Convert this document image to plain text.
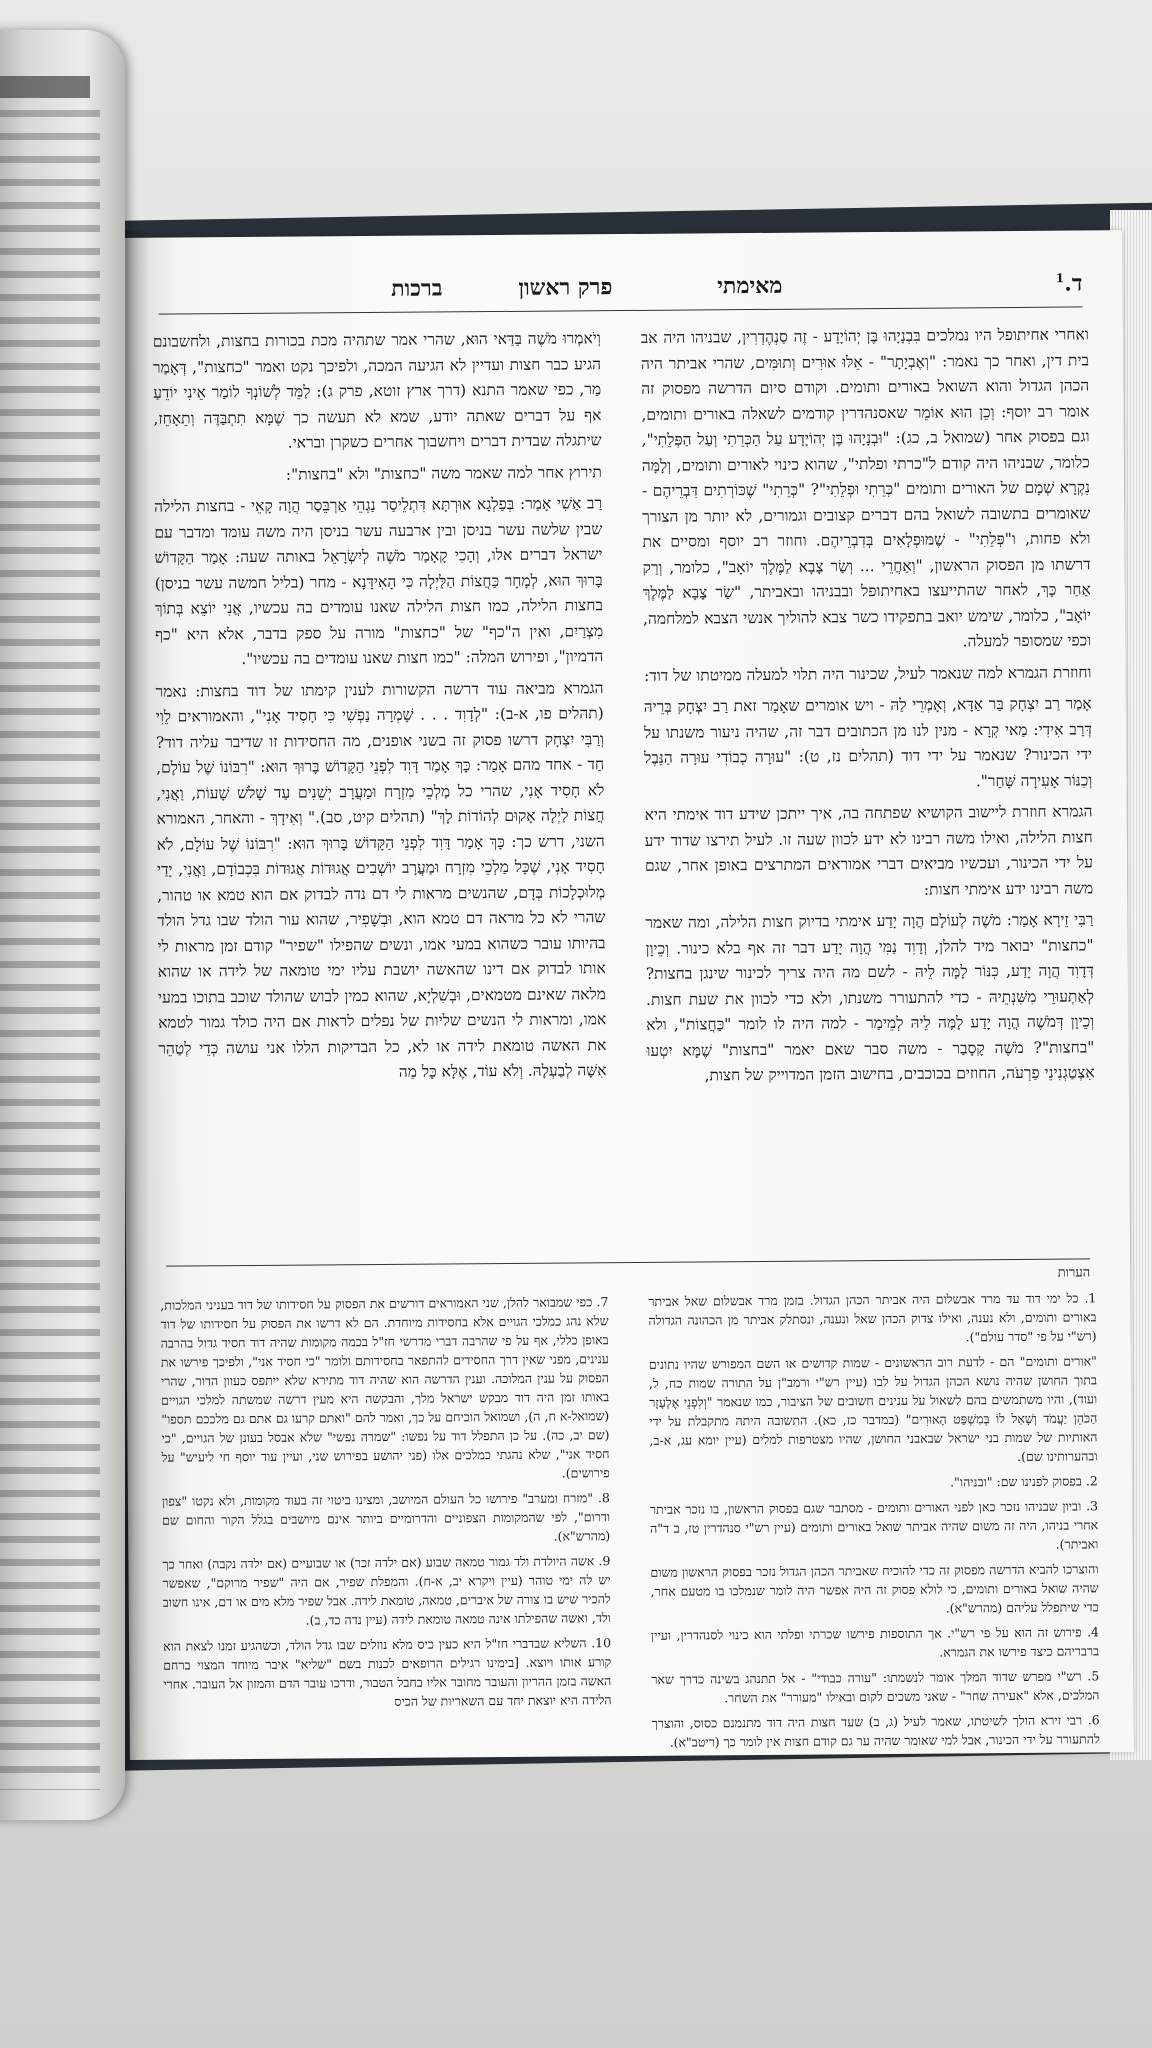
ד.$^1$
מאימתי
פרק ראשון
ברכות

ואחרי אחיתופל היו נמלכים בִּבְנָיָהוּ בֶּן יְהוֹיָדָע - זֶה סַנְהֶדְרִין, שבניהו היה אב בית דין, ואחר כך נאמר: "וְאֶבְיָתָר" - אֵלּוּ אוּרִים וְתוּמִּים, שהרי אביתר היה הכהן הגדול והוא השואל באורים ותומים. וקודם סיום הדרשה מפסוק זה אומר רב יוסף: וְכֵן הוּא אוֹמֵר שאסנהדרין קודמים לשאלה באורים ותומים, וגם בפסוק אחר (שמואל ב, כג): "וּבְנָיָהוּ בֶּן יְהוֹיָדָע עַל הַכְּרֵתִי וְעַל הַפְּלֵתִי", כלומר, שבניהו היה קודם ל"כרתי ופלתי", שהוא כינוי לאורים ותומים, וְלָמָּה נִקְרָא שְׁמָם של האורים ותומים "כְּרֵתִי וּפְלֵתִי"? "כְּרֵתִי" שֶׁכּוֹרְתִים דִּבְרֵיהֶם - שאומרים בתשובה לשואל בהם דברים קצובים וגמורים, לא יותר מן הצורך ולא פחות, ו"פְּלֵתִי" - שֶׁמּוּפְלָאִים בְּדִבְרֵיהֶם. וחוזר רב יוסף ומסיים את דרשתו מן הפסוק הראשון, "וְאַחֲרֵי ... וְשַׂר צָבָא לַמֶּלֶךְ יוֹאָב", כלומר, וְרַק אַחַר כָּךְ, לאחר שהתייעצו באחיתופל ובבניהו ובאביתר, "שַׂר צָבָא לַמֶּלֶךְ יוֹאָב", כלומר, שימש יואב בתפקידו כשר צבא להוליך אנשי הצבא למלחמה, וכפי שמסופר למעלה.

וחוזרת הגמרא למה שנאמר לעיל, שכינור היה תלוי למעלה ממיטתו של דוד:

אָמַר רַב יִצְחָק בַּר אַדָּא, וְאָמְרֵי לַהּ - ויש אומרים שאָמַר זאת רַב יִצְחָק בְּרֵיהּ דְּרַב אִידִי: מַאי קְרָא - מנין לנו מן הכתובים דבר זה, שהיה ניעור משנתו על ידי הכינור? שנאמר על ידי דוד (תהלים נז, ט): "עוּרָה כְבוֹדִי עוּרָה הַנֵּבֶל וְכִנּוֹר אָעִירָה שָּׁחַר".

הגמרא חוזרת ליישוב הקושיא שפתחה בה, איך ייתכן שידע דוד אימתי היא חצות הלילה, ואילו משה רבינו לא ידע לכוון שעה זו. לעיל תירצו שדוד ידע על ידי הכינור, ועכשיו מביאים דברי אמוראים המתרצים באופן אחר, שגם משה רבינו ידע אימתי חצות:

רַבִּי זֵירָא אָמַר: מֹשֶׁה לְעוֹלָם הֲוָה יָדַע אימתי בדיוק חצות הלילה, ומה שאמר "כחצות" יבואר מיד להלן, וְדָוִד נַמִּי הֲוָה יָדַע דבר זה אף בלא כינור. וְכֵיוָן דְּדָוִד הֲוָה יָדַע, כִּנּוֹר לָמָּה לֵיהּ - לשם מה היה צריך לכינור שינגן בחצות? לְאַתְעוּרֵי מִשִּׁנְתֵיהּ - כדי להתעורר משנתו, ולא כדי לכוון את שעת חצות. וְכֵיוָן דְּמֹשֶׁה הֲוָה יָדַע לָמָּה לֵיהּ לְמֵימַר - למה היה לו לומר "כַּחֲצוֹת", ולא "בחצות"? מֹשֶׁה קָסָבַר - משה סבר שאם יאמר "בחצות" שֶׁמָּא יִטְעוּ אִצְטַגְנִינֵי פַרְעֹה, החוזים בכוכבים, בחישוב הזמן המדוייק של חצות,

וְיֹאמְרוּ מֹשֶׁה בַּדַּאי הוּא, שהרי אמר שתהיה מכת בכורות בחצות, ולחשבונם הגיע כבר חצות ועדיין לא הגיעה המכה, ולפיכך נקט ואמר "כחצות", דְּאָמַר מַר, כפי שאמר התנא (דרך ארץ זוטא, פרק ג): לַמֵּד לְשׁוֹנְךָ לוֹמַר אֵינִי יוֹדֵעַ אף על דברים שאתה יודע, שמא לא תעשה כך שֶׁמָּא תִתְבַּדֶּה וְתֵאָחֵז, שיתגלה שבדית דברים ויחשבוך אחרים כשקרן ובראי.

תירוץ אחר למה שאמר משה "כחצות" ולא "בחצות":

רַב אַשִׁי אָמַר: בְּפַלְגָא אוּרְתָּא דִּתְלֵיסַר נַגְהֵי אַרְבֵּסַר הֲוָה קָאֵי - בחצות הלילה שבין שלשה עשר בניסן ובין ארבעה עשר בניסן היה משה עומד ומדבר עם ישראל דברים אלו, וְהָכִי קָאָמַר מֹשֶׁה לְיִשְׂרָאֵל באותה שעה: אָמַר הַקָּדוֹשׁ בָּרוּךְ הוּא, לְמָחָר כַּחֲצוֹת הַלַּיְלָה כִּי הָאִידָּנָא - מחר (בליל חמשה עשר בניסן) בחצות הלילה, כמו חצות הלילה שאנו עומדים בה עכשיו, אֲנִי יוֹצֵא בְּתוֹךְ מִצְרַיִם, ואין ה"כף" של "כחצות" מורה על ספק בדבר, אלא היא "כף הדמיון", ופירוש המלה: "כמו חצות שאנו עומדים בה עכשיו".

הגמרא מביאה עוד דרשה הקשורות לענין קימתו של דוד בחצות: נאמר (תהלים פו, א-ב): "לְדָוִד . . . שָׁמְרָה נַפְשִׁי כִּי חָסִיד אָנִי", והאמוראים לֵוִי וְרַבִּי יִצְחָק דרשו פסוק זה בשני אופנים, מה החסידות זו שדיבר עליה דוד? חַד - אחד מהם אָמַר: כָּךְ אָמַר דָּוִד לִפְנֵי הַקָּדוֹשׁ בָּרוּךְ הוּא: "רִבּוֹנוֹ שֶׁל עוֹלָם, לֹא חָסִיד אָנִי, שהרי כל מַלְכֵי מִזְרָח וּמַעֲרָב יְשֵׁנִים עַד שָׁלֹשׁ שָׁעוֹת, וַאֲנִי, חֲצוֹת לַיְלָה אָקוּם לְהוֹדוֹת לָךְ" (תהלים קיט, סב)." וְאִידָךְ - והאחר, האמורא השני, דרש כך: כָּךְ אָמַר דָּוִד לִפְנֵי הַקָּדוֹשׁ בָּרוּךְ הוּא: "רִבּוֹנוֹ שֶׁל עוֹלָם, לֹא חָסִיד אָנִי, שֶׁכָּל מַלְכֵי מִזְרָח וּמַעֲרָב יוֹשְׁבִים אֲגוּדוֹת אֲגוּדוֹת בִּכְבוֹדָם, וַאֲנִי, יָדַי מְלוּכְלָכוֹת בְּדָם, שהנשים מראות לי דם נדה לבדוק אם הוא טמא או טהור, שהרי לא כל מראה דם טמא הוא, וּבְשָׁפִיר, שהוא עור הולד שבו גדל הולד בהיותו עובר כשהוא במעי אמו, ונשים שהפילו "שפיר" קודם זמן מראות לי אותו לבדוק אם דינו שהאשה יושבת עליו ימי טומאה של לידה או שהוא מלאה שאינם מטמאים, וּבְשִׁלְיָא, שהוא כמין לבוש שהולד שוכב בתוכו במעי אמו, ומראות לי הנשים שליות של נפלים לראות אם היה כולד גמור לטמא את האשה טומאת לידה או לא, כל הבדיקות הללו אני עושה כְּדֵי לְטַהֵר אִשָּׁה לְבַעְלָהּ. וְלֹא עוֹד, אֶלָּא כָּל מַה

הערות

1. כל ימי דוד עד מרד אבשלום היה אביתר הכהן הגדול. בזמן מרד אבשלום שאל אביתר באורים ותומים, ולא נענה, ואילו צדוק הכהן שאל ונענה, ונסתלק אביתר מן הכהונה הגדולה (רש"י על פי "סדר עולם").

"אורים ותומים" הם - לדעת רוב הראשונים - שמות קדושים או השם המפורש שהיו נתונים בתוך החושן שהיה נושא הכהן הגדול על לבו (עיין רש"י ורמב"ן על התורה שמות כח, ל, ועוד), והיו משתמשים בהם לשאול על ענינים חשובים של הציבור, כמו שנאמר "וְלִפְנֵי אֶלְעָזָר הַכֹּהֵן יַעֲמֹד וְשָׁאַל לוֹ בְּמִשְׁפַּט הָאוּרִים" (במדבר כז, כא). התשובה היתה מתקבלת על ידי האותיות של שמות בני ישראל שבאבני החושן, שהיו מצטרפות למלים (עיין יומא עג, א-ב, ובהערותינו שם).

2. בפסוק לפנינו שם: "ובניהו".

3. וביון שבניהו נזכר כאן לפני האורים ותומים - מסתבר שגם בפסוק הראשון, בו נזכר אביתר אחרי בניהו, היה זה משום שהיה אביתר שואל באורים ותומים (עיין רש"י סנהדרין טז, ב ד"ה ואביתר).

והוצרכו להביא הדרשה מפסוק זה כדי להוכיח שאביתר הכהן הגדול נזכר בפסוק הראשון משום שהיה שואל באורים ותומים, כי לולא פסוק זה היה אפשר היה לומר שנמלכו בו מטעם אחר, כדי שיתפלל עליהם (מהרש"א).

4. פירוש זה הוא על פי רש"י. אך התוספות פירשו שכרתי ופלתי הוא כינוי לסנהדרין, ועיין ברבריהם כיצד פירשו את הגמרא.

5. רש"י מפרש שדוד המלך אומר לנשמתו: "עורה כבודי" - אל תתנהג בשינה כדרך שאר המלכים, אלא "אעירה שחר" - שאני משכים לקום ובאילו "מעורר" את השחר.

6. רבי זירא הולך לשיטתו, שאמר לעיל (ג, ב) שעד חצות היה דוד מתנמנם כסוס, והוצרך להתעורר על ידי הכינור, אבל למי שאומר שהיה ער גם קודם חצות אין לומר כך (ריטב"א).

7. כפי שמבואר להלן, שני האמוראים דורשים את הפסוק על חסידותו של דוד בעניני המלכות, שלא נהג כמלכי הגויים אלא בחסידות מיוחדת. הם לא דרשו את הפסוק על חסידותו של דוד באופן כללי, אף על פי שהרבה דברי מדרשי חז"ל בכמה מקומות שהיה דוד חסיד גדול בהרבה ענינים, מפני שאין דרך החסידים להתפאר בחסידותם ולומר "כי חסיד אני", ולפיכך פירשו את הפסוק על ענין המלוכה. וענין הדרשה הוא שהיה דוד מתירא שלא ייתפס כעוון הדור, שהרי באותו זמן היה דוד מבקש ישראל מלך, והבקשה היא מעין דרשה שמשתה למלכי הגויים (שמואל-א ח, ה), ושמואל הוכיחם על כך, ואמר להם "ואתם קרעו גם אתם גם מלככם תספו" (שם יב, כה). על כן התפלל דוד על נפשו: "שמרה נפשי" שלא אבסל בעונן של הגויים, "כי חסיד אני", שלא נהגתי כמלכים אלו (פני יהושע בפירוש שני, ועיין עוד יוסף חי ליעיש" על פירושים).

8. "מזרח ומערב" פירושו כל העולם המיושב, ומצינו ביטוי זה בעוד מקומות, ולא נקטו "צפון ודרום", לפי שהמקומות הצפוניים והדרומיים ביותר אינם מיושבים בגלל הקור והחום שם (מהרש"א).

9. אשה היולדת ולד גמור טמאה שבוע (אם ילדה זכר) או שבועיים (אם ילדה נקבה) ואחר כך יש לה ימי טוהר (עיין ויקרא יב, א-ח). והמפלת שפיר, אם היה "שפיר מרוקם", שאפשר להכיר שיש בו צורה של איברים, טמאה, טומאת לידה. אבל שפיר מלא מים או דם, אינו חשוב ולד, ואשה שהפילתו אינה טמאה טומאת לידה (עיין נדה כד, ב).

10. השליא שבדברי חז"ל היא כעין כיס מלא נוזלים שבו גדל הולד, וכשהגיע זמנו לצאת הוא קורע אותו ויוצא. [בימינו רגילים הרופאים לכנות בשם "שליא" איבר מיוחד המצוי ברחם האשה בזמן ההריון והעובר מחובר אליו בחבל הטבור, ודרכו עובר הדם והמזון אל העובר. אחרי הלידה היא יוצאת יחד עם השאריות של הכיס
